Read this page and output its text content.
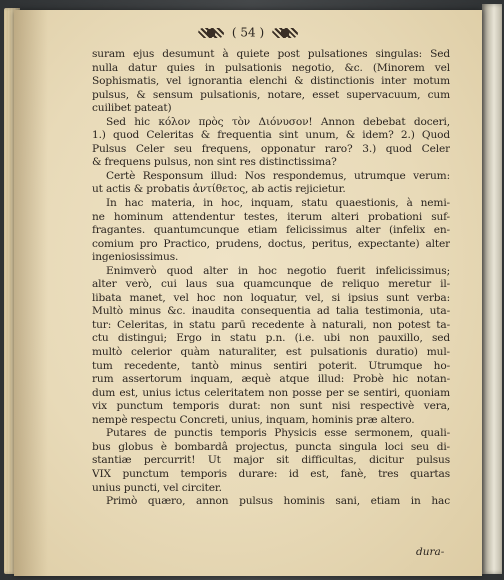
( 54 )
suram ejus desumunt à quiete post pulsationes singulas: Sed
nulla datur quies in pulsationis negotio, &c. (Minorem vel
Sophismatis, vel ignorantia elenchi & distinctionis inter motum
pulsus, & sensum pulsationis, notare, esset supervacuum, cum
cuilibet pateat)
Sed hic κόλον πρὸς τὸν Διόνυσον! Annon debebat doceri,
1.) quod Celeritas & frequentia sint unum, & idem? 2.) Quod
Pulsus Celer seu frequens, opponatur raro? 3.) quod Celer
& frequens pulsus, non sint res distinctissima?
Certè Responsum illud: Nos respondemus, utrumque verum:
ut actis & probatis ἀντίθετος, ab actis rejicietur.
In hac materia, in hoc, inquam, statu quaestionis, à nemi-
ne hominum attendentur testes, iterum alteri probationi suf-
fragantes. quantumcunque etiam felicissimus alter (infelix en-
comium pro Practico, prudens, doctus, peritus, expectante) alter
ingeniosissimus.
Enimverò quod alter in hoc negotio fuerit infelicissimus;
alter verò, cui laus sua quamcunque de reliquo meretur il-
libata manet, vel hoc non loquatur, vel, si ipsius sunt verba:
Multò minus &c. inaudita consequentia ad talia testimonia, uta-
tur: Celeritas, in statu parū recedente à naturali, non potest ta-
ctu distingui; Ergo in statu p.n. (i.e. ubi non pauxillo, sed
multò celerior quàm naturaliter, est pulsationis duratio) mul-
tum recedente, tantò minus sentiri poterit. Utrumque ho-
rum assertorum inquam, æquè atque illud: Probè hic notan-
dum est, unius ictus celeritatem non posse per se sentiri, quoniam
vix punctum temporis durat: non sunt nisi respectivè vera,
nempè respectu Concreti, unius, inquam, hominis præ altero.
Putares de punctis temporis Physicis esse sermonem, quali-
bus globus è bombardâ projectus, puncta singula loci seu di-
stantiæ percurrit! Ut major sit difficultas, dicitur pulsus
VIX punctum temporis durare: id est, fanè, tres quartas
unius puncti, vel circiter.
Primò quæro, annon pulsus hominis sani, etiam in hac
dura-
